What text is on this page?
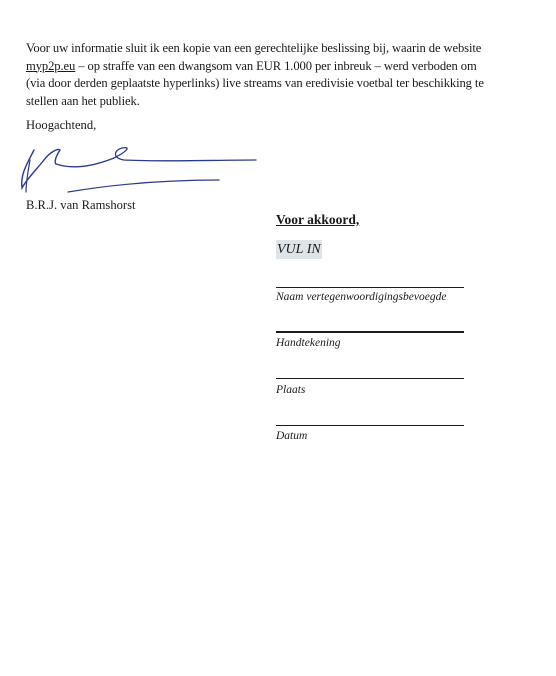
Voor uw informatie sluit ik een kopie van een gerechtelijke beslissing bij, waarin de website
myp2p.eu – op straffe van een dwangsom van EUR 1.000 per inbreuk – werd verboden om
(via door derden geplaatste hyperlinks) live streams van eredivisie voetbal ter beschikking te
stellen aan het publiek.
Hoogachtend,
B.R.J. van Ramshorst
Voor akkoord,
VUL IN
Naam vertegenwoordigingsbevoegde
Handtekening
Plaats
Datum
